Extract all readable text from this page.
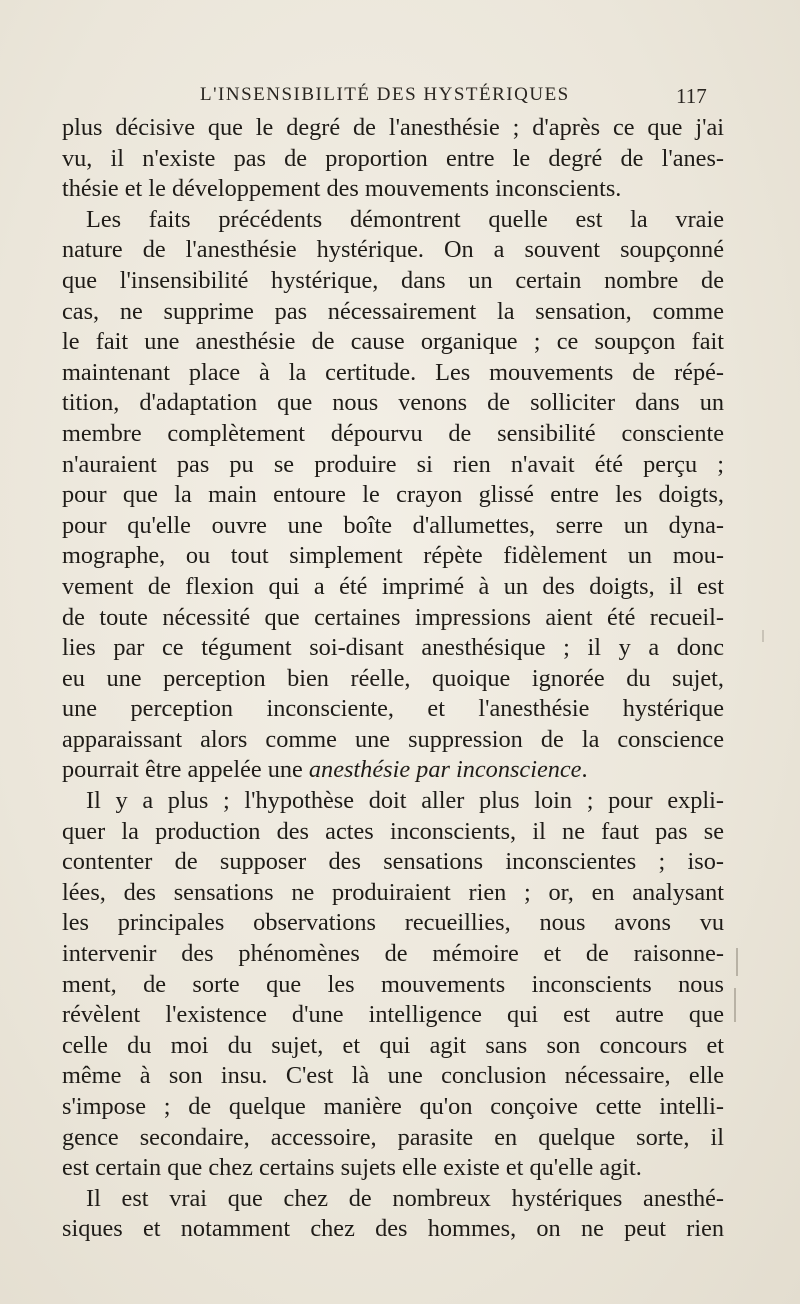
L'INSENSIBILITÉ DES HYSTÉRIQUES	117
plus décisive que le degré de l'anesthésie ; d'après ce que j'ai
vu, il n'existe pas de proportion entre le degré de l'anes-
thésie et le développement des mouvements inconscients.
Les faits précédents démontrent quelle est la vraie
nature de l'anesthésie hystérique. On a souvent soupçonné
que l'insensibilité hystérique, dans un certain nombre de
cas, ne supprime pas nécessairement la sensation, comme
le fait une anesthésie de cause organique ; ce soupçon fait
maintenant place à la certitude. Les mouvements de répé-
tition, d'adaptation que nous venons de solliciter dans un
membre complètement dépourvu de sensibilité consciente
n'auraient pas pu se produire si rien n'avait été perçu ;
pour que la main entoure le crayon glissé entre les doigts,
pour qu'elle ouvre une boîte d'allumettes, serre un dyna-
mographe, ou tout simplement répète fidèlement un mou-
vement de flexion qui a été imprimé à un des doigts, il est
de toute nécessité que certaines impressions aient été recueil-
lies par ce tégument soi-disant anesthésique ; il y a donc
eu une perception bien réelle, quoique ignorée du sujet,
une perception inconsciente, et l'anesthésie hystérique
apparaissant alors comme une suppression de la conscience
pourrait être appelée une anesthésie par inconscience.
Il y a plus ; l'hypothèse doit aller plus loin ; pour expli-
quer la production des actes inconscients, il ne faut pas se
contenter de supposer des sensations inconscientes ; iso-
lées, des sensations ne produiraient rien ; or, en analysant
les principales observations recueillies, nous avons vu
intervenir des phénomènes de mémoire et de raisonne-
ment, de sorte que les mouvements inconscients nous
révèlent l'existence d'une intelligence qui est autre que
celle du moi du sujet, et qui agit sans son concours et
même à son insu. C'est là une conclusion nécessaire, elle
s'impose ; de quelque manière qu'on conçoive cette intelli-
gence secondaire, accessoire, parasite en quelque sorte, il
est certain que chez certains sujets elle existe et qu'elle agit.
Il est vrai que chez de nombreux hystériques anesthé-
siques et notamment chez des hommes, on ne peut rien
